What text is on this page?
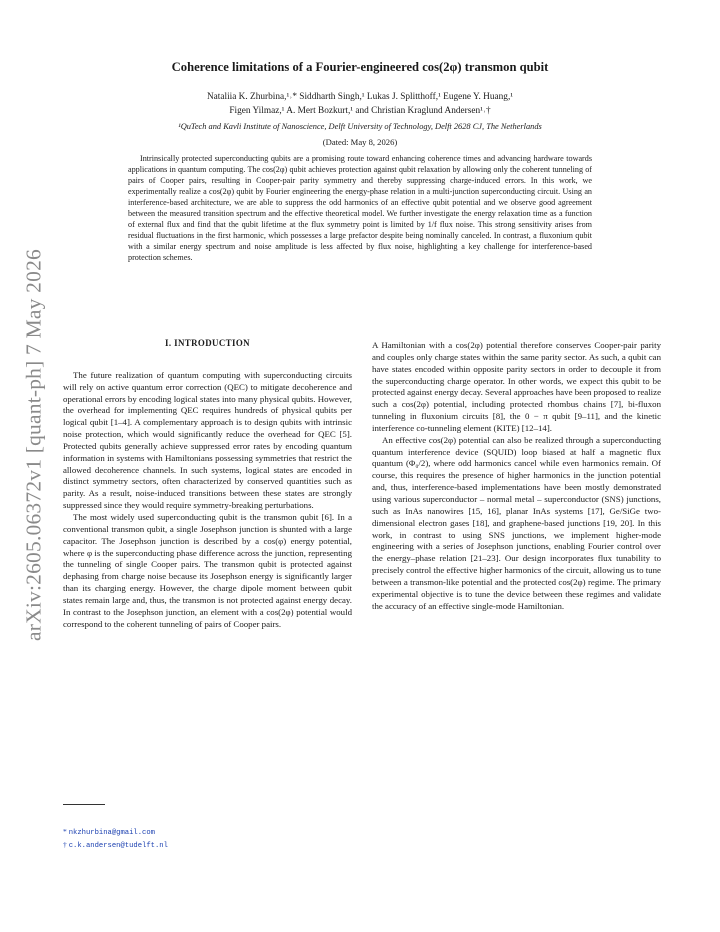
arXiv:2605.06372v1 [quant-ph] 7 May 2026
Coherence limitations of a Fourier-engineered cos(2φ) transmon qubit
Nataliia K. Zhurbina,¹˒* Siddharth Singh,¹ Lukas J. Splitthoff,¹ Eugene Y. Huang,¹
Figen Yilmaz,¹ A. Mert Bozkurt,¹ and Christian Kraglund Andersen¹˒†
¹QuTech and Kavli Institute of Nanoscience, Delft University of Technology, Delft 2628 CJ, The Netherlands
(Dated: May 8, 2026)

Intrinsically protected superconducting qubits are a promising route toward enhancing coherence times and advancing hardware towards applications in quantum computing. The cos(2φ) qubit achieves protection against qubit relaxation by allowing only the coherent tunneling of pairs of Cooper pairs, resulting in Cooper-pair parity symmetry and thereby suppressing charge-induced errors. In this work, we experimentally realize a cos(2φ) qubit by Fourier engineering the energy-phase relation in a multi-junction superconducting circuit. Using an interference-based architecture, we are able to suppress the odd harmonics of an effective qubit potential and we observe good agreement between the measured transition spectrum and the effective theoretical model. We further investigate the energy relaxation time as a function of external flux and find that the qubit lifetime at the flux symmetry point is limited by 1/f flux noise. This strong sensitivity arises from residual fluctuations in the first harmonic, which possesses a large prefactor despite being nominally canceled. In contrast, a fluxonium qubit with a similar energy spectrum and noise amplitude is less affected by flux noise, highlighting a key challenge for interference-based protection schemes.

I. INTRODUCTION

The future realization of quantum computing with superconducting circuits will rely on active quantum error correction (QEC) to mitigate decoherence and operational errors by encoding logical states into many physical qubits. However, the overhead for implementing QEC requires hundreds of physical qubits per logical qubit [1–4]. A complementary approach is to design qubits with intrinsic noise protection, which would significantly reduce the overhead for QEC [5]. Protected qubits generally achieve suppressed error rates by encoding quantum information in systems with Hamiltonians possessing symmetries that restrict the allowed decoherence channels. In such systems, logical states are encoded in distinct symmetry sectors, often characterized by conserved quantities such as parity. As a result, noise-induced transitions between these states are strongly suppressed since they would require symmetry-breaking perturbations.

The most widely used superconducting qubit is the transmon qubit [6]. In a conventional transmon qubit, a single Josephson junction is shunted with a large capacitor. The Josephson junction is described by a cos(φ) energy potential, where φ is the superconducting phase difference across the junction, representing the tunneling of single Cooper pairs. The transmon qubit is protected against dephasing from charge noise because its Josephson energy is significantly larger than its charging energy. However, the charge dipole moment between qubit states remain large and, thus, the transmon is not protected against energy decay. In contrast to the Josephson junction, an element with a cos(2φ) potential would correspond to the coherent tunneling of pairs of Cooper pairs.

A Hamiltonian with a cos(2φ) potential therefore conserves Cooper-pair parity and couples only charge states within the same parity sector. As such, a qubit can have states encoded within opposite parity sectors in order to decouple it from the superconducting charge operator. In other words, we expect this qubit to be protected against energy decay. Several approaches have been proposed to realize such a cos(2φ) potential, including protected rhombus chains [7], bi-fluxon tunneling in fluxonium circuits [8], the 0 − π qubit [9–11], and the kinetic interference co-tunneling element (KITE) [12–14].

An effective cos(2φ) potential can also be realized through a superconducting quantum interference device (SQUID) loop biased at half a magnetic flux quantum (Φ₀/2), where odd harmonics cancel while even harmonics remain. Of course, this requires the presence of higher harmonics in the junction potential and, thus, interference-based implementations have been mostly demonstrated using various superconductor – normal metal – superconductor (SNS) junctions, such as InAs nanowires [15, 16], planar InAs systems [17], Ge/SiGe two-dimensional electron gases [18], and graphene-based junctions [19, 20]. In this work, in contrast to using SNS junctions, we implement higher-mode engineering with a series of Josephson junctions, enabling Fourier control over the energy–phase relation [21–23]. Our design incorporates flux tunability to precisely control the effective higher harmonics of the circuit, allowing us to tune between a transmon-like potential and the protected cos(2φ) regime. The primary experimental objective is to tune the device between these regimes and validate the accuracy of an effective single-mode Hamiltonian.

* nkzhurbina@gmail.com
† c.k.andersen@tudelft.nl
